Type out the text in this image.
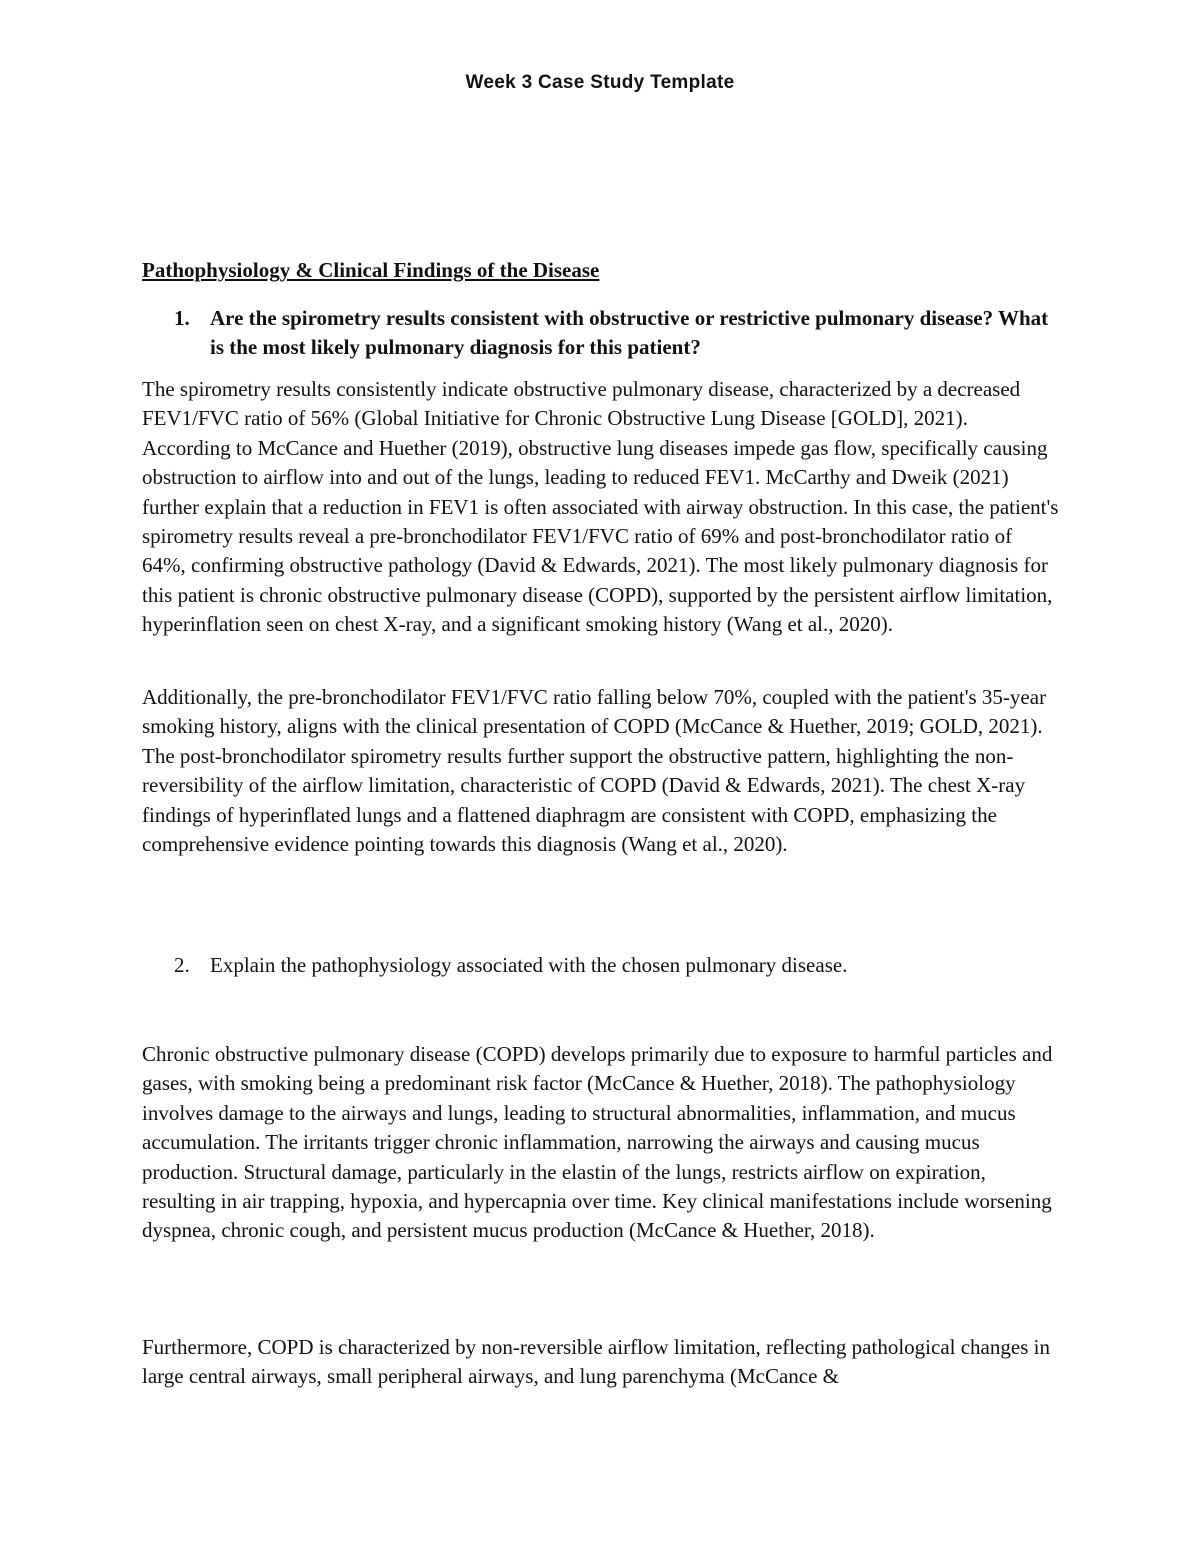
Week 3 Case Study Template
Pathophysiology & Clinical Findings of the Disease
1. Are the spirometry results consistent with obstructive or restrictive pulmonary disease? What is the most likely pulmonary diagnosis for this patient?

The spirometry results consistently indicate obstructive pulmonary disease, characterized by a decreased FEV1/FVC ratio of 56% (Global Initiative for Chronic Obstructive Lung Disease [GOLD], 2021). According to McCance and Huether (2019), obstructive lung diseases impede gas flow, specifically causing obstruction to airflow into and out of the lungs, leading to reduced FEV1. McCarthy and Dweik (2021) further explain that a reduction in FEV1 is often associated with airway obstruction. In this case, the patient's spirometry results reveal a pre-bronchodilator FEV1/FVC ratio of 69% and post-bronchodilator ratio of 64%, confirming obstructive pathology (David & Edwards, 2021). The most likely pulmonary diagnosis for this patient is chronic obstructive pulmonary disease (COPD), supported by the persistent airflow limitation, hyperinflation seen on chest X-ray, and a significant smoking history (Wang et al., 2020).

Additionally, the pre-bronchodilator FEV1/FVC ratio falling below 70%, coupled with the patient's 35-year smoking history, aligns with the clinical presentation of COPD (McCance & Huether, 2019; GOLD, 2021). The post-bronchodilator spirometry results further support the obstructive pattern, highlighting the non-reversibility of the airflow limitation, characteristic of COPD (David & Edwards, 2021). The chest X-ray findings of hyperinflated lungs and a flattened diaphragm are consistent with COPD, emphasizing the comprehensive evidence pointing towards this diagnosis (Wang et al., 2020).

2. Explain the pathophysiology associated with the chosen pulmonary disease.

Chronic obstructive pulmonary disease (COPD) develops primarily due to exposure to harmful particles and gases, with smoking being a predominant risk factor (McCance & Huether, 2018). The pathophysiology involves damage to the airways and lungs, leading to structural abnormalities, inflammation, and mucus accumulation. The irritants trigger chronic inflammation, narrowing the airways and causing mucus production. Structural damage, particularly in the elastin of the lungs, restricts airflow on expiration, resulting in air trapping, hypoxia, and hypercapnia over time. Key clinical manifestations include worsening dyspnea, chronic cough, and persistent mucus production (McCance & Huether, 2018).

Furthermore, COPD is characterized by non-reversible airflow limitation, reflecting pathological changes in large central airways, small peripheral airways, and lung parenchyma (McCance &
